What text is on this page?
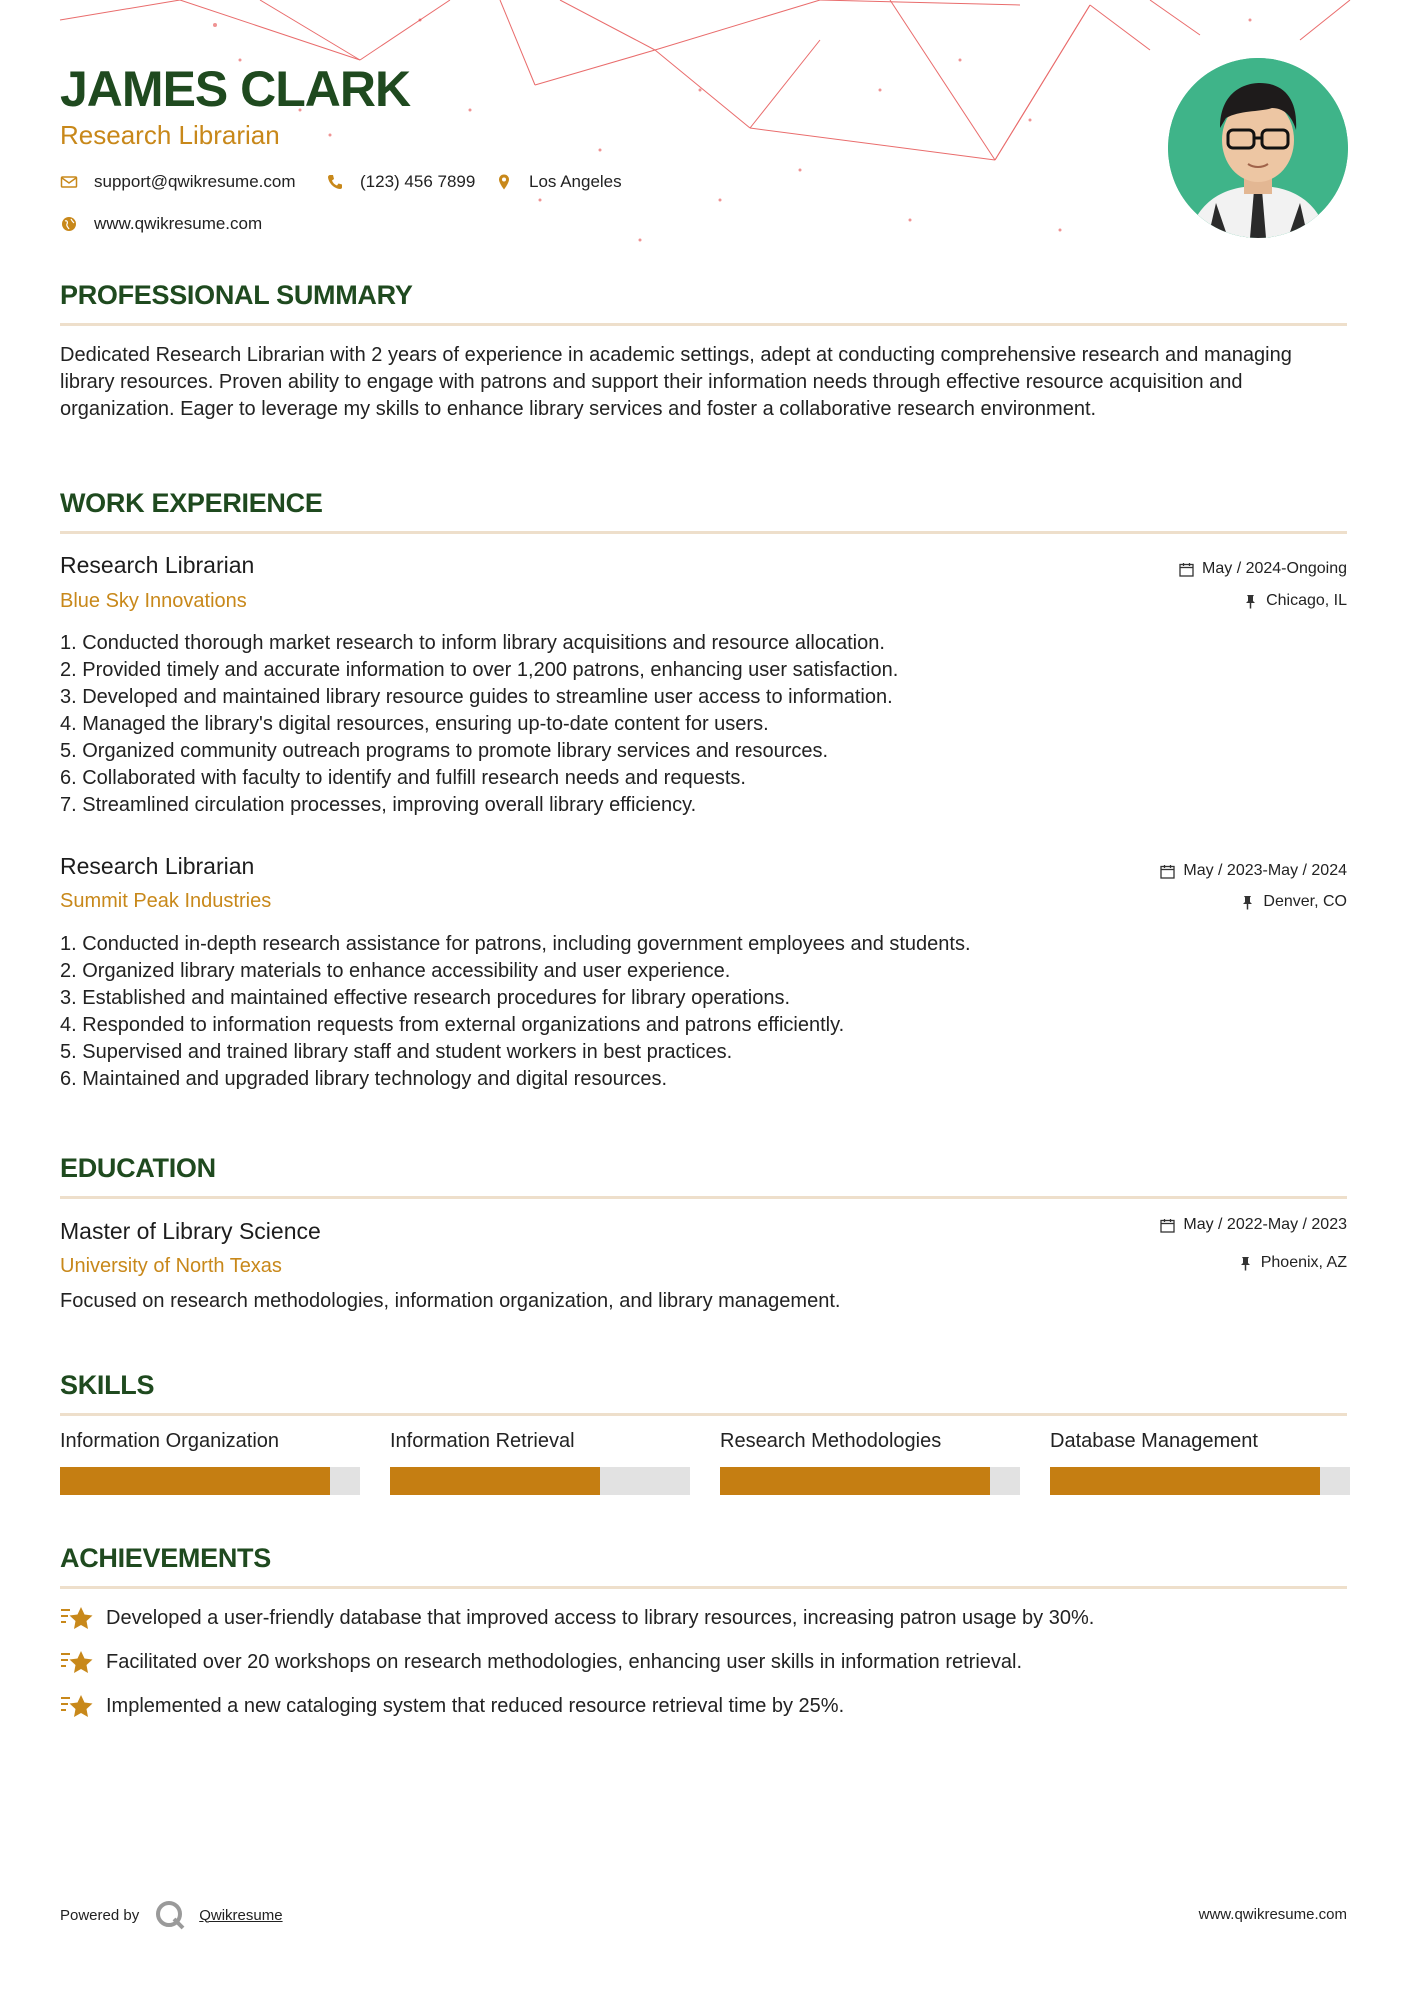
JAMES CLARK
Research Librarian
support@qwikresume.com	(123) 456 7899	Los Angeles
www.qwikresume.com
PROFESSIONAL SUMMARY
Dedicated Research Librarian with 2 years of experience in academic settings, adept at conducting comprehensive research and managing library resources. Proven ability to engage with patrons and support their information needs through effective resource acquisition and organization. Eager to leverage my skills to enhance library services and foster a collaborative research environment.
WORK EXPERIENCE
Research Librarian
Blue Sky Innovations
May / 2024-Ongoing
Chicago, IL
1. Conducted thorough market research to inform library acquisitions and resource allocation.
2. Provided timely and accurate information to over 1,200 patrons, enhancing user satisfaction.
3. Developed and maintained library resource guides to streamline user access to information.
4. Managed the library's digital resources, ensuring up-to-date content for users.
5. Organized community outreach programs to promote library services and resources.
6. Collaborated with faculty to identify and fulfill research needs and requests.
7. Streamlined circulation processes, improving overall library efficiency.
Research Librarian
Summit Peak Industries
May / 2023-May / 2024
Denver, CO
1. Conducted in-depth research assistance for patrons, including government employees and students.
2. Organized library materials to enhance accessibility and user experience.
3. Established and maintained effective research procedures for library operations.
4. Responded to information requests from external organizations and patrons efficiently.
5. Supervised and trained library staff and student workers in best practices.
6. Maintained and upgraded library technology and digital resources.
EDUCATION
Master of Library Science
University of North Texas
May / 2022-May / 2023
Phoenix, AZ
Focused on research methodologies, information organization, and library management.
SKILLS
Information Organization	Information Retrieval	Research Methodologies	Database Management
ACHIEVEMENTS
Developed a user-friendly database that improved access to library resources, increasing patron usage by 30%.
Facilitated over 20 workshops on research methodologies, enhancing user skills in information retrieval.
Implemented a new cataloging system that reduced resource retrieval time by 25%.
Powered by	Qwikresume	www.qwikresume.com
